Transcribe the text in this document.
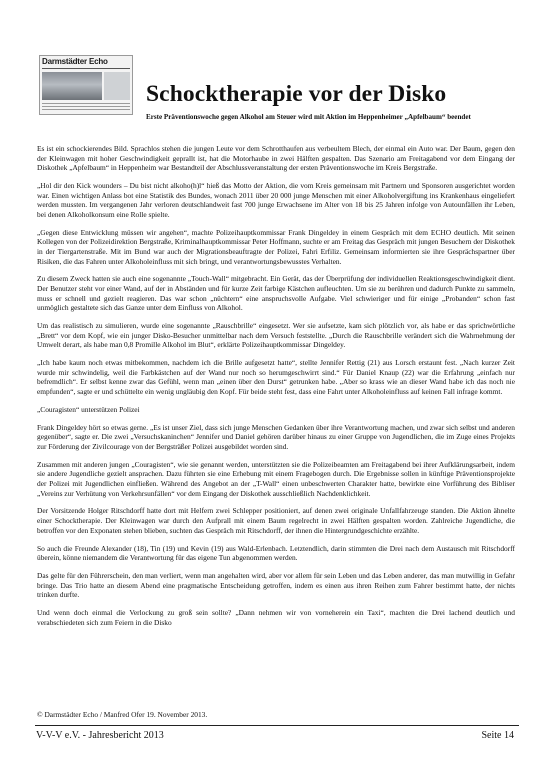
Darmstädter Echo
Schocktherapie vor der Disko
Erste Präventionswoche gegen Alkohol am Steuer wird mit Aktion im Heppenheimer „Apfelbaum“ beendet

Es ist ein schockierendes Bild. Sprachlos stehen die jungen Leute vor dem Schrotthaufen aus verbeultem Blech, der einmal ein Auto war. Der Baum, gegen den der Kleinwagen mit hoher Geschwindigkeit geprallt ist, hat die Motorhaube in zwei Hälften gespalten. Das Szenario am Freitagabend vor dem Eingang der Diskothek „Apfelbaum“ in Heppenheim war Bestandteil der Abschlussveranstaltung der ersten Präventionswoche im Kreis Bergstraße.

„Hol dir den Kick wounders – Du bist nicht alkoho(h)l“ hieß das Motto der Aktion, die vom Kreis gemeinsam mit Partnern und Sponsoren ausgerichtet worden war. Einen wichtigen Anlass bot eine Statistik des Bundes, wonach 2011 über 20 000 junge Menschen mit einer Alkoholvergiftung ins Krankenhaus eingeliefert werden mussten. Im vergangenen Jahr verloren deutschlandweit fast 700 junge Erwachsene im Alter von 18 bis 25 Jahren infolge von Autounfällen ihr Leben, bei denen Alkoholkonsum eine Rolle spielte.

„Gegen diese Entwicklung müssen wir angehen“, machte Polizeihauptkommissar Frank Dingeldey in einem Gespräch mit dem ECHO deutlich. Mit seinen Kollegen von der Polizeidirektion Bergstraße, Kriminalhauptkommissar Peter Hoffmann, suchte er am Freitag das Gespräch mit jungen Besuchern der Diskothek in der Tiergartenstraße. Mit im Bund war auch der Migrationsbeauftragte der Polizei, Fahri Erfiliz. Gemeinsam informierten sie ihre Gesprächspartner über Risiken, die das Fahren unter Alkoholeinfluss mit sich bringt, und verantwortungsbewusstes Verhalten.

Zu diesem Zweck hatten sie auch eine sogenannte „Touch-Wall“ mitgebracht. Ein Gerät, das der Überprüfung der individuellen Reaktionsgeschwindigkeit dient. Der Benutzer steht vor einer Wand, auf der in Abständen und für kurze Zeit farbige Kästchen aufleuchten. Um sie zu berühren und dadurch Punkte zu sammeln, muss er schnell und gezielt reagieren. Das war schon „nüchtern“ eine anspruchsvolle Aufgabe. Viel schwieriger und für einige „Probanden“ schon fast unmöglich gestaltete sich das Ganze unter dem Einfluss von Alkohol.

Um das realistisch zu simulieren, wurde eine sogenannte „Rauschbrille“ eingesetzt. Wer sie aufsetzte, kam sich plötzlich vor, als habe er das sprichwörtliche „Brett“ vor dem Kopf, wie ein junger Disko-Besucher unmittelbar nach dem Versuch feststellte. „Durch die Rauschbrille verändert sich die Wahrnehmung der Umwelt derart, als habe man 0,8 Promille Alkohol im Blut“, erklärte Polizeihauptkommissar Dingeldey.

„Ich habe kaum noch etwas mitbekommen, nachdem ich die Brille aufgesetzt hatte“, stellte Jennifer Rettig (21) aus Lorsch erstaunt fest. „Nach kurzer Zeit wurde mir schwindelig, weil die Farbkästchen auf der Wand nur noch so herumgeschwirrt sind.“ Für Daniel Knaup (22) war die Erfahrung „einfach nur befremdlich“. Er selbst kenne zwar das Gefühl, wenn man „einen über den Durst“ getrunken habe. „Aber so krass wie an dieser Wand habe ich das noch nie empfunden“, sagte er und schüttelte ein wenig ungläubig den Kopf. Für beide steht fest, dass eine Fahrt unter Alkoholeinfluss auf keinen Fall infrage kommt.

„Couragisten“ unterstützen Polizei

Frank Dingeldey hört so etwas gerne. „Es ist unser Ziel, dass sich junge Menschen Gedanken über ihre Verantwortung machen, und zwar sich selbst und anderen gegenüber“, sagte er. Die zwei „Versuchskaninchen“ Jennifer und Daniel gehören darüber hinaus zu einer Gruppe von Jugendlichen, die im Zuge eines Projekts zur Förderung der Zivilcourage von der Bergsträßer Polizei ausgebildet worden sind.

Zusammen mit anderen jungen „Couragisten“, wie sie genannt werden, unterstützten sie die Polizeibeamten am Freitagabend bei ihrer Aufklärungsarbeit, indem sie andere Jugendliche gezielt ansprachen. Dazu führten sie eine Erhebung mit einem Fragebogen durch. Die Ergebnisse sollen in künftige Präventionsprojekte der Polizei mit Jugendlichen einfließen. Während des Angebot an der „T-Wall“ einen unbeschwerten Charakter hatte, bewirkte eine Vorführung des Bibliser „Vereins zur Verhütung von Verkehrsunfällen“ vor dem Eingang der Diskothek ausschließlich Nachdenklichkeit.

Der Vorsitzende Holger Ritschdorff hatte dort mit Helfern zwei Schlepper positioniert, auf denen zwei originale Unfallfahrzeuge standen. Die Aktion ähnelte einer Schocktherapie. Der Kleinwagen war durch den Aufprall mit einem Baum regelrecht in zwei Hälften gespalten worden. Zahlreiche Jugendliche, die betroffen vor den Exponaten stehen blieben, suchten das Gespräch mit Ritschdorff, der ihnen die Hintergrundgeschichte erzählte.

So auch die Freunde Alexander (18), Tin (19) und Kevin (19) aus Wald-Erlenbach. Letztendlich, darin stimmten die Drei nach dem Austausch mit Ritschdorff überein, könne niemandem die Verantwortung für das eigene Tun abgenommen werden.

Das gelte für den Führerschein, den man verliert, wenn man angehalten wird, aber vor allem für sein Leben und das Leben anderer, das man mutwillig in Gefahr bringe. Das Trio hatte an diesem Abend eine pragmatische Entscheidung getroffen, indem es einen aus ihren Reihen zum Fahrer bestimmt hatte, der nichts trinken durfte.

Und wenn doch einmal die Verlockung zu groß sein sollte? „Dann nehmen wir von vorneherein ein Taxi“, machten die Drei lachend deutlich und verabschiedeten sich zum Feiern in die Disko

© Darmstädter Echo / Manfred Ofer 19. November 2013.
V-V-V e.V. - Jahresbericht 2013	Seite 14
